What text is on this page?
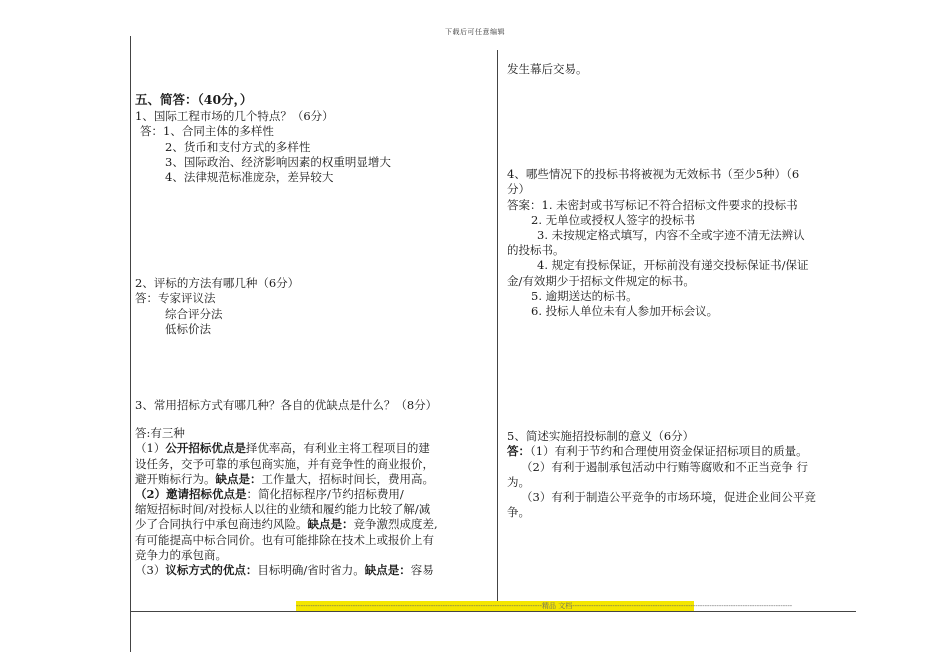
下载后可任意编辑

五、简答：（40分，）

1、国际工程市场的几个特点？（6分）

答：1、合同主体的多样性

2、货币和支付方式的多样性

3、国际政治、经济影响因素的权重明显增大

4、法律规范标准庞杂，差异较大

2、评标的方法有哪几种（6分）

答：专家评议法

综合评分法

低标价法

3、常用招标方式有哪几种？各自的优缺点是什么？（8分）

答:有三种

（1）公开招标优点是择优率高，有利业主将工程项目的建

设任务，交予可靠的承包商实施，并有竞争性的商业报价，

避开贿标行为。缺点是：工作量大，招标时间长，费用高。

（2）邀请招标优点是：简化招标程序/节约招标费用/

缩短招标时间/对投标人以往的业绩和履约能力比较了解/减

少了合同执行中承包商违约风险。缺点是：竞争激烈成度差,

有可能提高中标合同价。也有可能排除在技术上或报价上有

竞争力的承包商。

（3）议标方式的优点：目标明确/省时省力。缺点是：容易

发生幕后交易。

4、哪些情况下的投标书将被视为无效标书（至少5种）（6

分）

答案：1. 未密封或书写标记不符合招标文件要求的投标书

2. 无单位或授权人签字的投标书

3. 未按规定格式填写，内容不全或字迹不清无法辨认

的投标书。

4. 规定有投标保证，开标前没有递交投标保证书/保证

金/有效期少于招标文件规定的标书。

5. 逾期送达的标书。

6. 投标人单位未有人参加开标会议。

5、简述实施招投标制的意义（6分）

答：（1）有利于节约和合理使用资金保证招标项目的质量。

（2）有利于遏制承包活动中行贿等腐败和不正当竞争 行

为。

（3）有利于制造公平竞争的市场环境，促进企业间公平竞

争。

--------------------------------------------------------------------------------------------------------精品 文档---------------------------------------------------------------------------------------------
